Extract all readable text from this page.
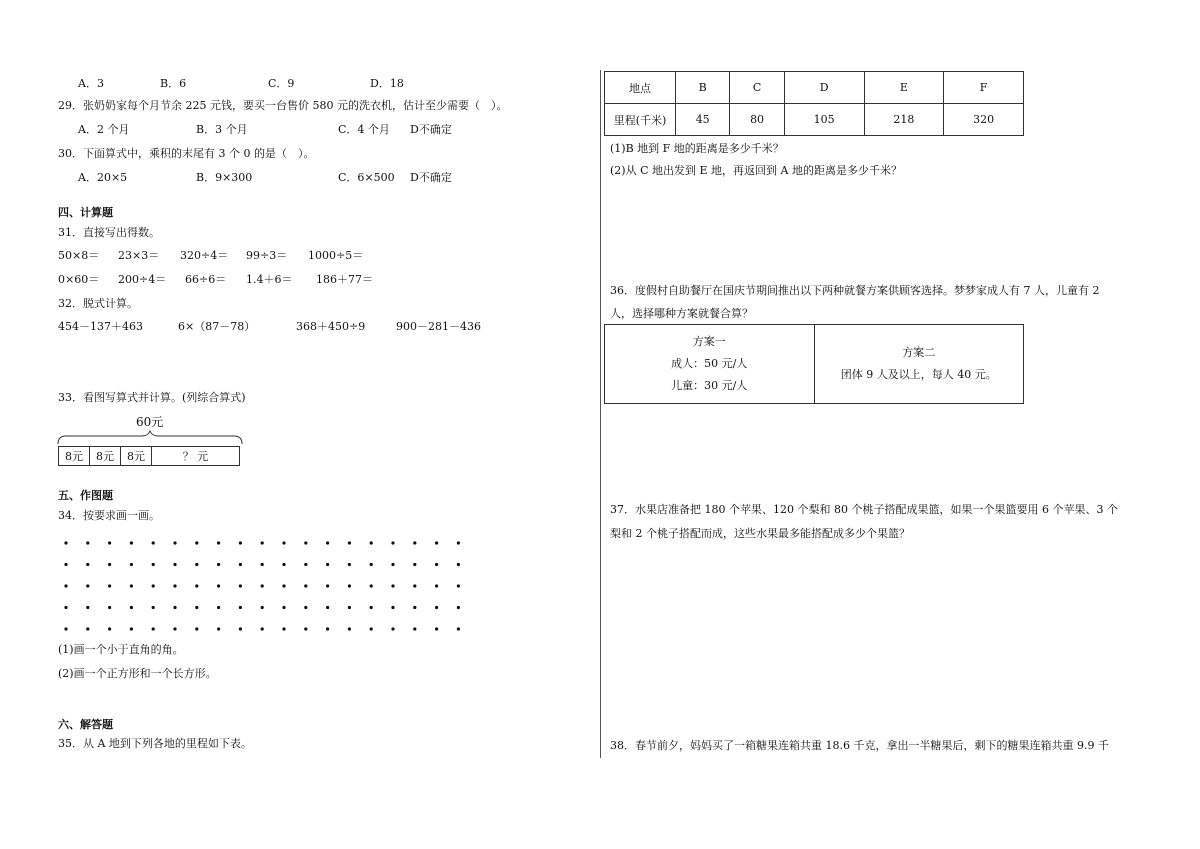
A．3	B．6	C．9	D．18
29．张奶奶家每个月节余 225 元钱，要买一台售价 580 元的洗衣机，估计至少需要（　）。
A．2 个月	B．3 个月	C．4 个月 D不确定
30．下面算式中，乘积的末尾有 3 个 0 的是（　）。
A．20×5	B．9×300	C．6×500 D不确定
四、计算题
31．直接写出得数。
50×8＝ 23×3＝ 320÷4＝ 99÷3＝ 1000÷5＝
0×60＝ 200÷4＝ 66÷6＝ 1.4＋6＝ 186＋77＝
32．脱式计算。
454－137＋463	6×（87－78）	368＋450÷9	900－281－436
33．看图写算式并计算。(列综合算式)
60元
8元	8元	8元	？ 元
五、作图题
34．按要求画一画。
(1)画一个小于直角的角。
(2)画一个正方形和一个长方形。
六、解答题
35．从 A 地到下列各地的里程如下表。
地点	B	C	D	E	F
里程(千米)	45	80	105	218	320
(1)B 地到 F 地的距离是多少千米？
(2)从 C 地出发到 E 地，再返回到 A 地的距离是多少千米？
36．度假村自助餐厅在国庆节期间推出以下两种就餐方案供顾客选择。梦梦家成人有 7 人，儿童有 2
人，选择哪种方案就餐合算？
方案一
成人：50 元/人
儿童：30 元/人
方案二
团体 9 人及以上，每人 40 元。
37．水果店准备把 180 个苹果、120 个梨和 80 个桃子搭配成果篮，如果一个果篮要用 6 个苹果、3 个
梨和 2 个桃子搭配而成，这些水果最多能搭配成多少个果篮？
38．春节前夕，妈妈买了一箱糖果连箱共重 18.6 千克，拿出一半糖果后，剩下的糖果连箱共重 9.9 千
